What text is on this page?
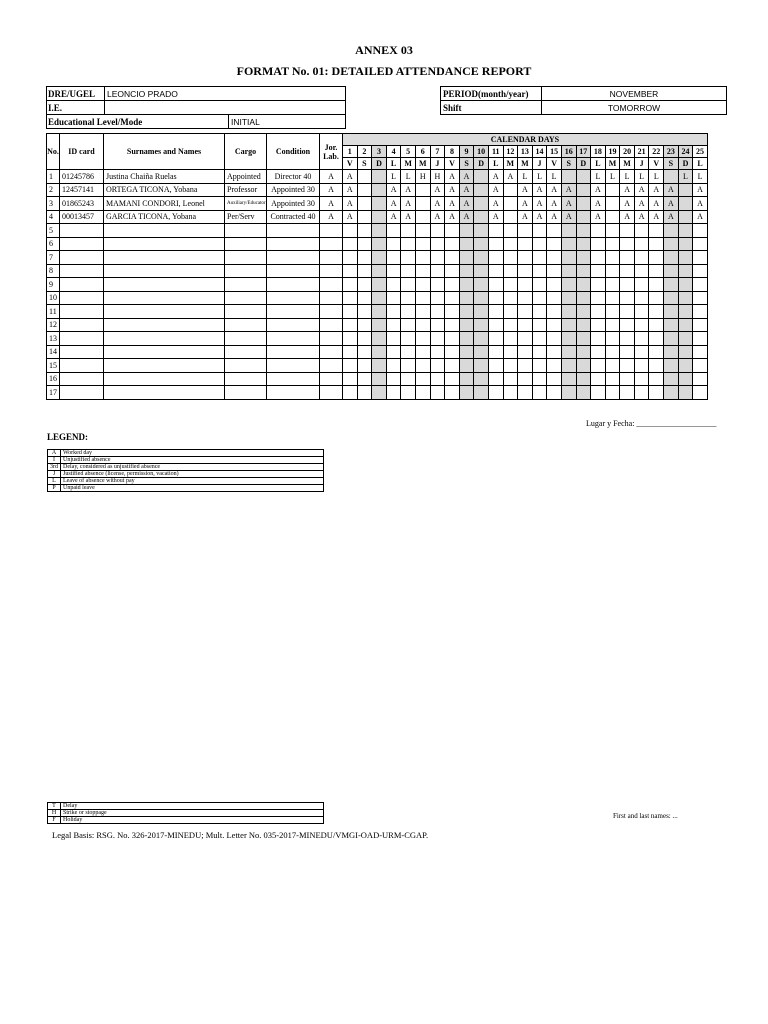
ANNEX 03
FORMAT No. 01: DETAILED ATTENDANCE REPORT
DRE/UGEL	LEONCIO PRADO	
I.E.		
Educational Level/Mode		INITIAL
PERIOD(month/year)	NOVEMBER
Shift	TOMORROW
No.	ID card	Surnames and Names	Cargo	Condition	Jor. Lab.	CALENDAR DAYS																								
						1	2	3	4	5	6	7	8	9	10	11	12	13	14	15	16	17	18	19	20	21	22	23	24	25
						V	S	D	L	M	M	J	V	S	D	L	M	M	J	V	S	D	L	M	M	J	V	S	D	L
1	01245786	Justina Chaiña Ruelas	Appointed	Director 40	A	A			L	L	H	H	A	A		A	A	L	L	L			L	L	L	L	L		L	L
2	12457141	ORTEGA TICONA, Yobana	Professor	Appointed 30	A	A			A	A		A	A	A		A		A	A	A	A		A		A	A	A	A		A
3	01865243	MAMANI CONDORI, Leonel	Auxiliary/Educator	Appointed 30	A	A			A	A		A	A	A		A		A	A	A	A		A		A	A	A	A		A
4	00013457	GARCIA TICONA, Yobana	Per/Serv	Contracted 40	A	A			A	A		A	A	A		A		A	A	A	A		A		A	A	A	A		A
5																														
6																														
7																														
8																														
9																														
10																														
11																														
12																														
13																														
14																														
15																														
16																														
17																														
Lugar y Fecha: ____________________
LEGEND:
A	Worked day
I	Unjustified absence
3rd	Delay, considered as unjustified absence
J	Justified absence (license, permission, vacation)
L	Leave of absence without pay
P	Unpaid leave
T	Delay
H	Strike or stoppage
F	Holiday	First and last names: ...
Legal Basis: RSG. No. 326-2017-MINEDU; Mult. Letter No. 035-2017-MINEDU/VMGI-OAD-URM-CGAP.
